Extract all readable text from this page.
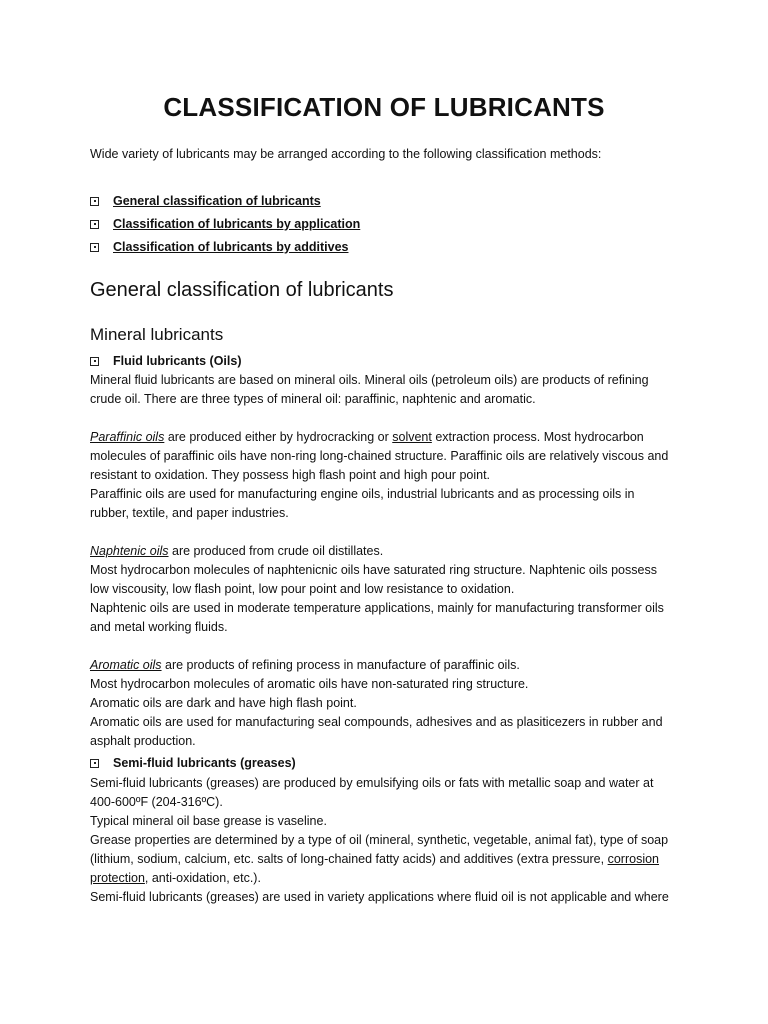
CLASSIFICATION OF LUBRICANTS

Wide variety of lubricants may be arranged according to the following classification methods:

General classification of lubricants
Classification of lubricants by application
Classification of lubricants by additives
General classification of lubricants
Mineral lubricants
Fluid lubricants (Oils)
Mineral fluid lubricants are based on mineral oils. Mineral oils (petroleum oils) are products of refining
crude oil. There are three types of mineral oil: paraffinic, naphtenic and aromatic.
Paraffinic oils are produced either by hydrocracking or solvent extraction process. Most hydrocarbon
molecules of paraffinic oils have non-ring long-chained structure. Paraffinic oils are relatively viscous and
resistant to oxidation. They possess high flash point and high pour point.
Paraffinic oils are used for manufacturing engine oils, industrial lubricants and as processing oils in
rubber, textile, and paper industries.
Naphtenic oils are produced from crude oil distillates.
Most hydrocarbon molecules of naphtenicnic oils have saturated ring structure. Naphtenic oils possess
low viscousity, low flash point, low pour point and low resistance to oxidation.
Naphtenic oils are used in moderate temperature applications, mainly for manufacturing transformer oils
and metal working fluids.
Aromatic oils are products of refining process in manufacture of paraffinic oils.
Most hydrocarbon molecules of aromatic oils have non-saturated ring structure.
Aromatic oils are dark and have high flash point.
Aromatic oils are used for manufacturing seal compounds, adhesives and as plasiticezers in rubber and
asphalt production.
Semi-fluid lubricants (greases)
Semi-fluid lubricants (greases) are produced by emulsifying oils or fats with metallic soap and water at
400-600ºF (204-316ºC).
Typical mineral oil base grease is vaseline.
Grease properties are determined by a type of oil (mineral, synthetic, vegetable, animal fat), type of soap
(lithium, sodium, calcium, etc. salts of long-chained fatty acids) and additives (extra pressure, corrosion
protection, anti-oxidation, etc.).
Semi-fluid lubricants (greases) are used in variety applications where fluid oil is not applicable and where
